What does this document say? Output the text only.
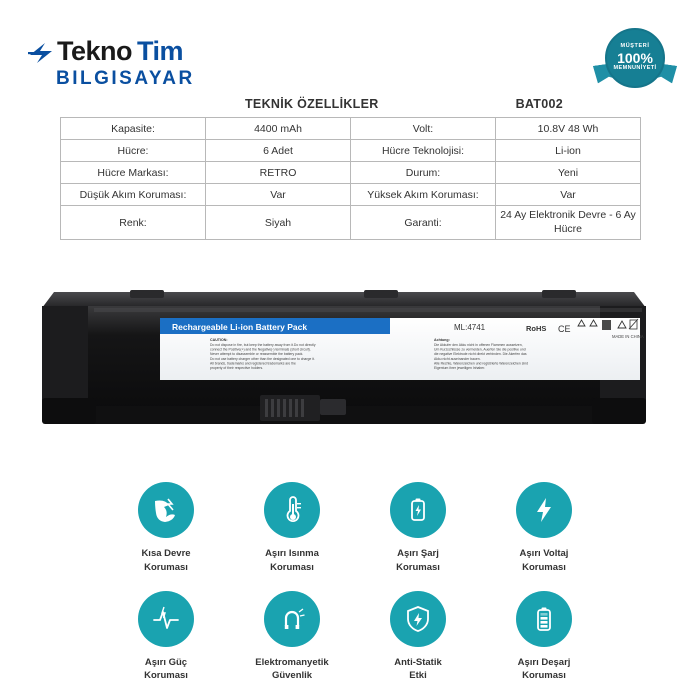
Tekno Tim
BILGISAYAR
MÜŞTERİ
100%
MEMNUNİYETİ
TEKNİK ÖZELLİKLER	BAT002
Kapasite:	4400 mAh	Volt:	10.8V 48 Wh
Hücre:	6 Adet	Hücre Teknolojisi:	Li-ion
Hücre Markası:	RETRO	Durum:	Yeni
Düşük Akım Koruması:	Var	Yüksek Akım Koruması:	Var
Renk:	Siyah	Garanti:	24 Ay Elektronik Devre - 6 Ay Hücre
Rechargeable Li-ion Battery Pack	ML:4741	RoHS CE
MADE IN CHINA
CAUTION:
Do not dispose in fire, but keep the battery away from it.Do not directly
connect the Positive(+) and the Negative(-) terminals (short circuit).
Never attempt to disassemble or reassemble the battery pack.
Do not use battery charger other than the designated one to charge it.
All brands, trademarks and registered trademarks are the
property of their respective holders.
Achtung:
Die Akkufer den Akku nicht in offenen Flammen aussetzen,
Um Kurzschlüsse zu vermeiden, Auerfen Sie die positive und
die negative Elektrode nicht direkt verbinden. Die Akerfen das
Akku nicht auseinander bauen.
Alle Rechte, Warenzeichen und registrierte Warenzeichen sind
Eigentum ihrer jeweiligen Inhaber.
Kısa Devre
Koruması
Aşırı Isınma
Koruması
Aşırı Şarj
Koruması
Aşırı Voltaj
Koruması
Aşırı Güç
Koruması
Elektromanyetik
Güvenlik
Anti-Statik
Etki
Aşırı Deşarj
Koruması
